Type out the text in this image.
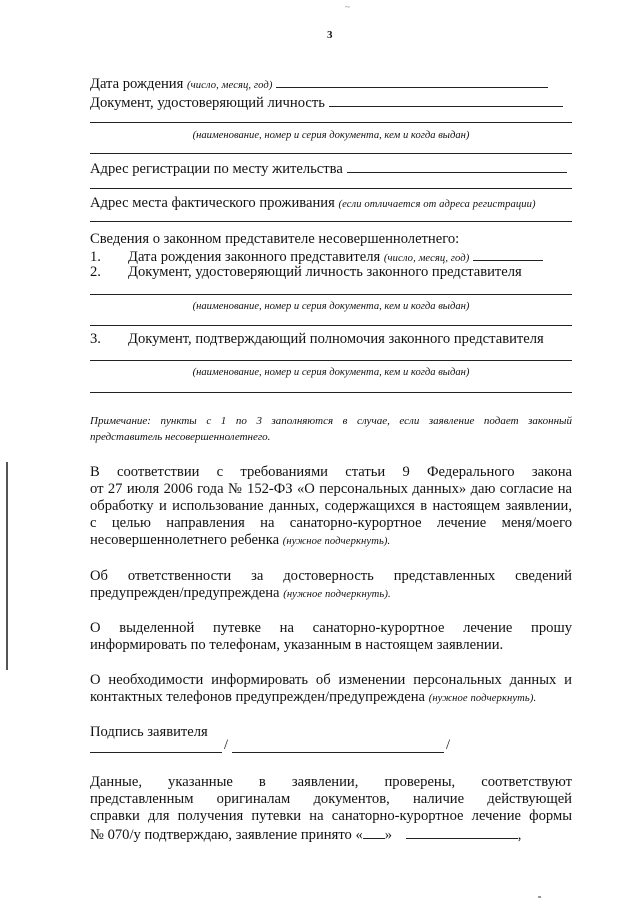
~
3
Дата рождения (число, месяц, год)
Документ, удостоверяющий личность
(наименование, номер и серия документа, кем и когда выдан)
Адрес регистрации по месту жительства
Адрес места фактического проживания (если отличается от адреса регистрации)
Сведения о законном представителе несовершеннолетнего:
1. Дата рождения законного представителя (число, месяц, год)
2. Документ, удостоверяющий личность законного представителя
(наименование, номер и серия документа, кем и когда выдан)
3. Документ, подтверждающий полномочия законного представителя
(наименование, номер и серия документа, кем и когда выдан)
Примечание: пункты с 1 по 3 заполняются в случае, если заявление подает законный
представитель несовершеннолетнего.
В соответствии с требованиями статьи 9 Федерального закона
от 27 июля 2006 года № 152-ФЗ «О персональных данных» даю согласие на
обработку и использование данных, содержащихся в настоящем заявлении,
с целью направления на санаторно-курортное лечение меня/моего
несовершеннолетнего ребенка (нужное подчеркнуть).
Об ответственности за достоверность представленных сведений
предупрежден/предупреждена (нужное подчеркнуть).
О выделенной путевке на санаторно-курортное лечение прошу
информировать по телефонам, указанным в настоящем заявлении.
О необходимости информировать об изменении персональных данных и
контактных телефонов предупрежден/предупреждена (нужное подчеркнуть).
Подпись заявителя
/	/
Данные, указанные в заявлении, проверены, соответствуют
представленным оригиналам документов, наличие действующей
справки для получения путевки на санаторно-курортное лечение формы
№ 070/у подтверждаю, заявление принято « »	,
